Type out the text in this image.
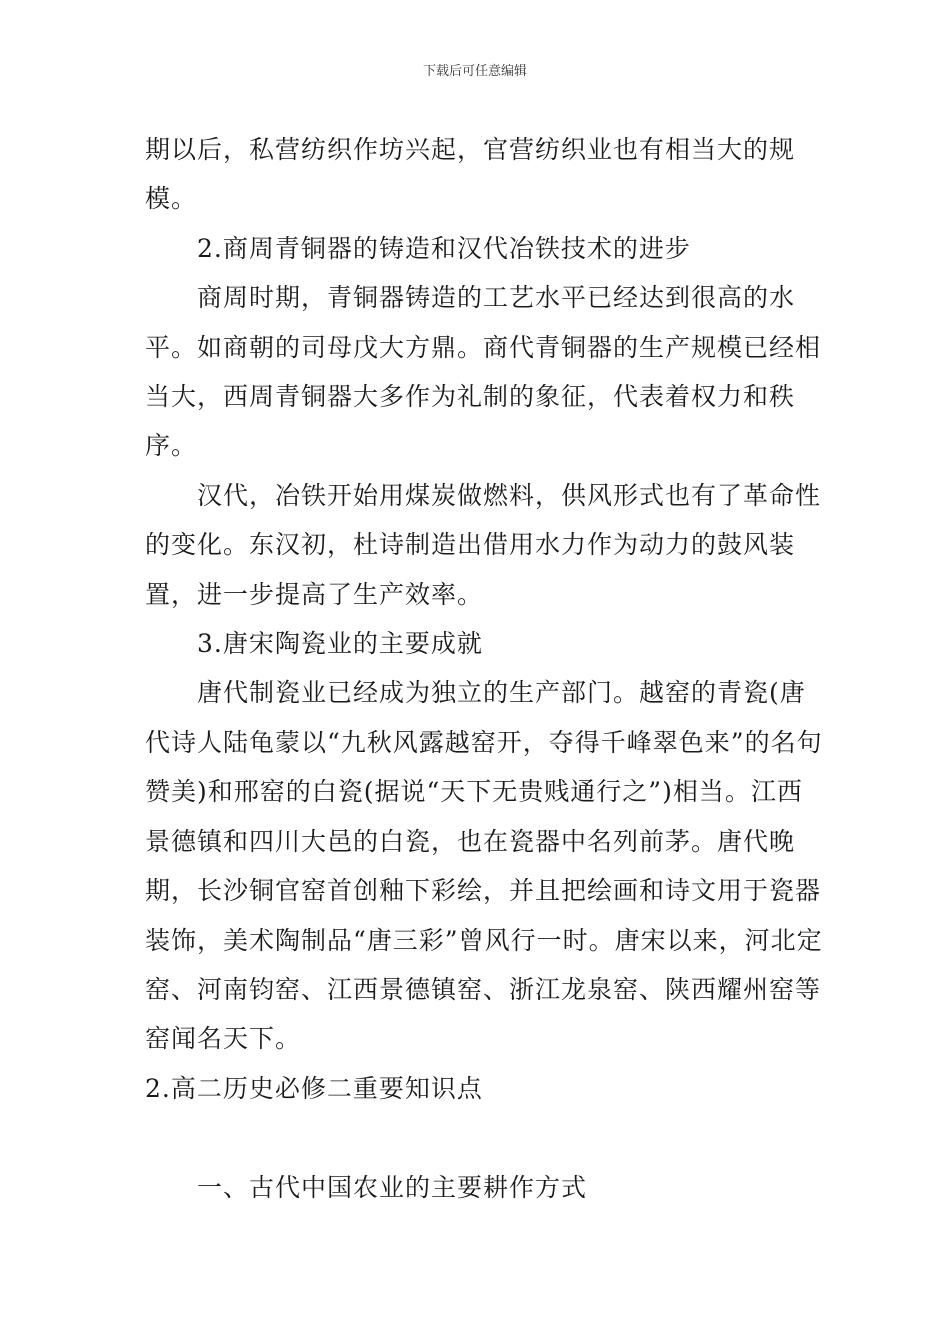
下载后可任意编辑

期以后，私营纺织作坊兴起，官营纺织业也有相当大的规模。

2.商周青铜器的铸造和汉代冶铁技术的进步

商周时期，青铜器铸造的工艺水平已经达到很高的水平。如商朝的司母戊大方鼎。商代青铜器的生产规模已经相当大，西周青铜器大多作为礼制的象征，代表着权力和秩序。

汉代，冶铁开始用煤炭做燃料，供风形式也有了革命性的变化。东汉初，杜诗制造出借用水力作为动力的鼓风装置，进一步提高了生产效率。

3.唐宋陶瓷业的主要成就

唐代制瓷业已经成为独立的生产部门。越窑的青瓷(唐代诗人陆龟蒙以“九秋风露越窑开，夺得千峰翠色来”的名句赞美)和邢窑的白瓷(据说“天下无贵贱通行之”)相当。江西景德镇和四川大邑的白瓷，也在瓷器中名列前茅。唐代晚期，长沙铜官窑首创釉下彩绘，并且把绘画和诗文用于瓷器装饰，美术陶制品“唐三彩”曾风行一时。唐宋以来，河北定窑、河南钧窑、江西景德镇窑、浙江龙泉窑、陕西耀州窑等窑闻名天下。

2.高二历史必修二重要知识点

一、古代中国农业的主要耕作方式
